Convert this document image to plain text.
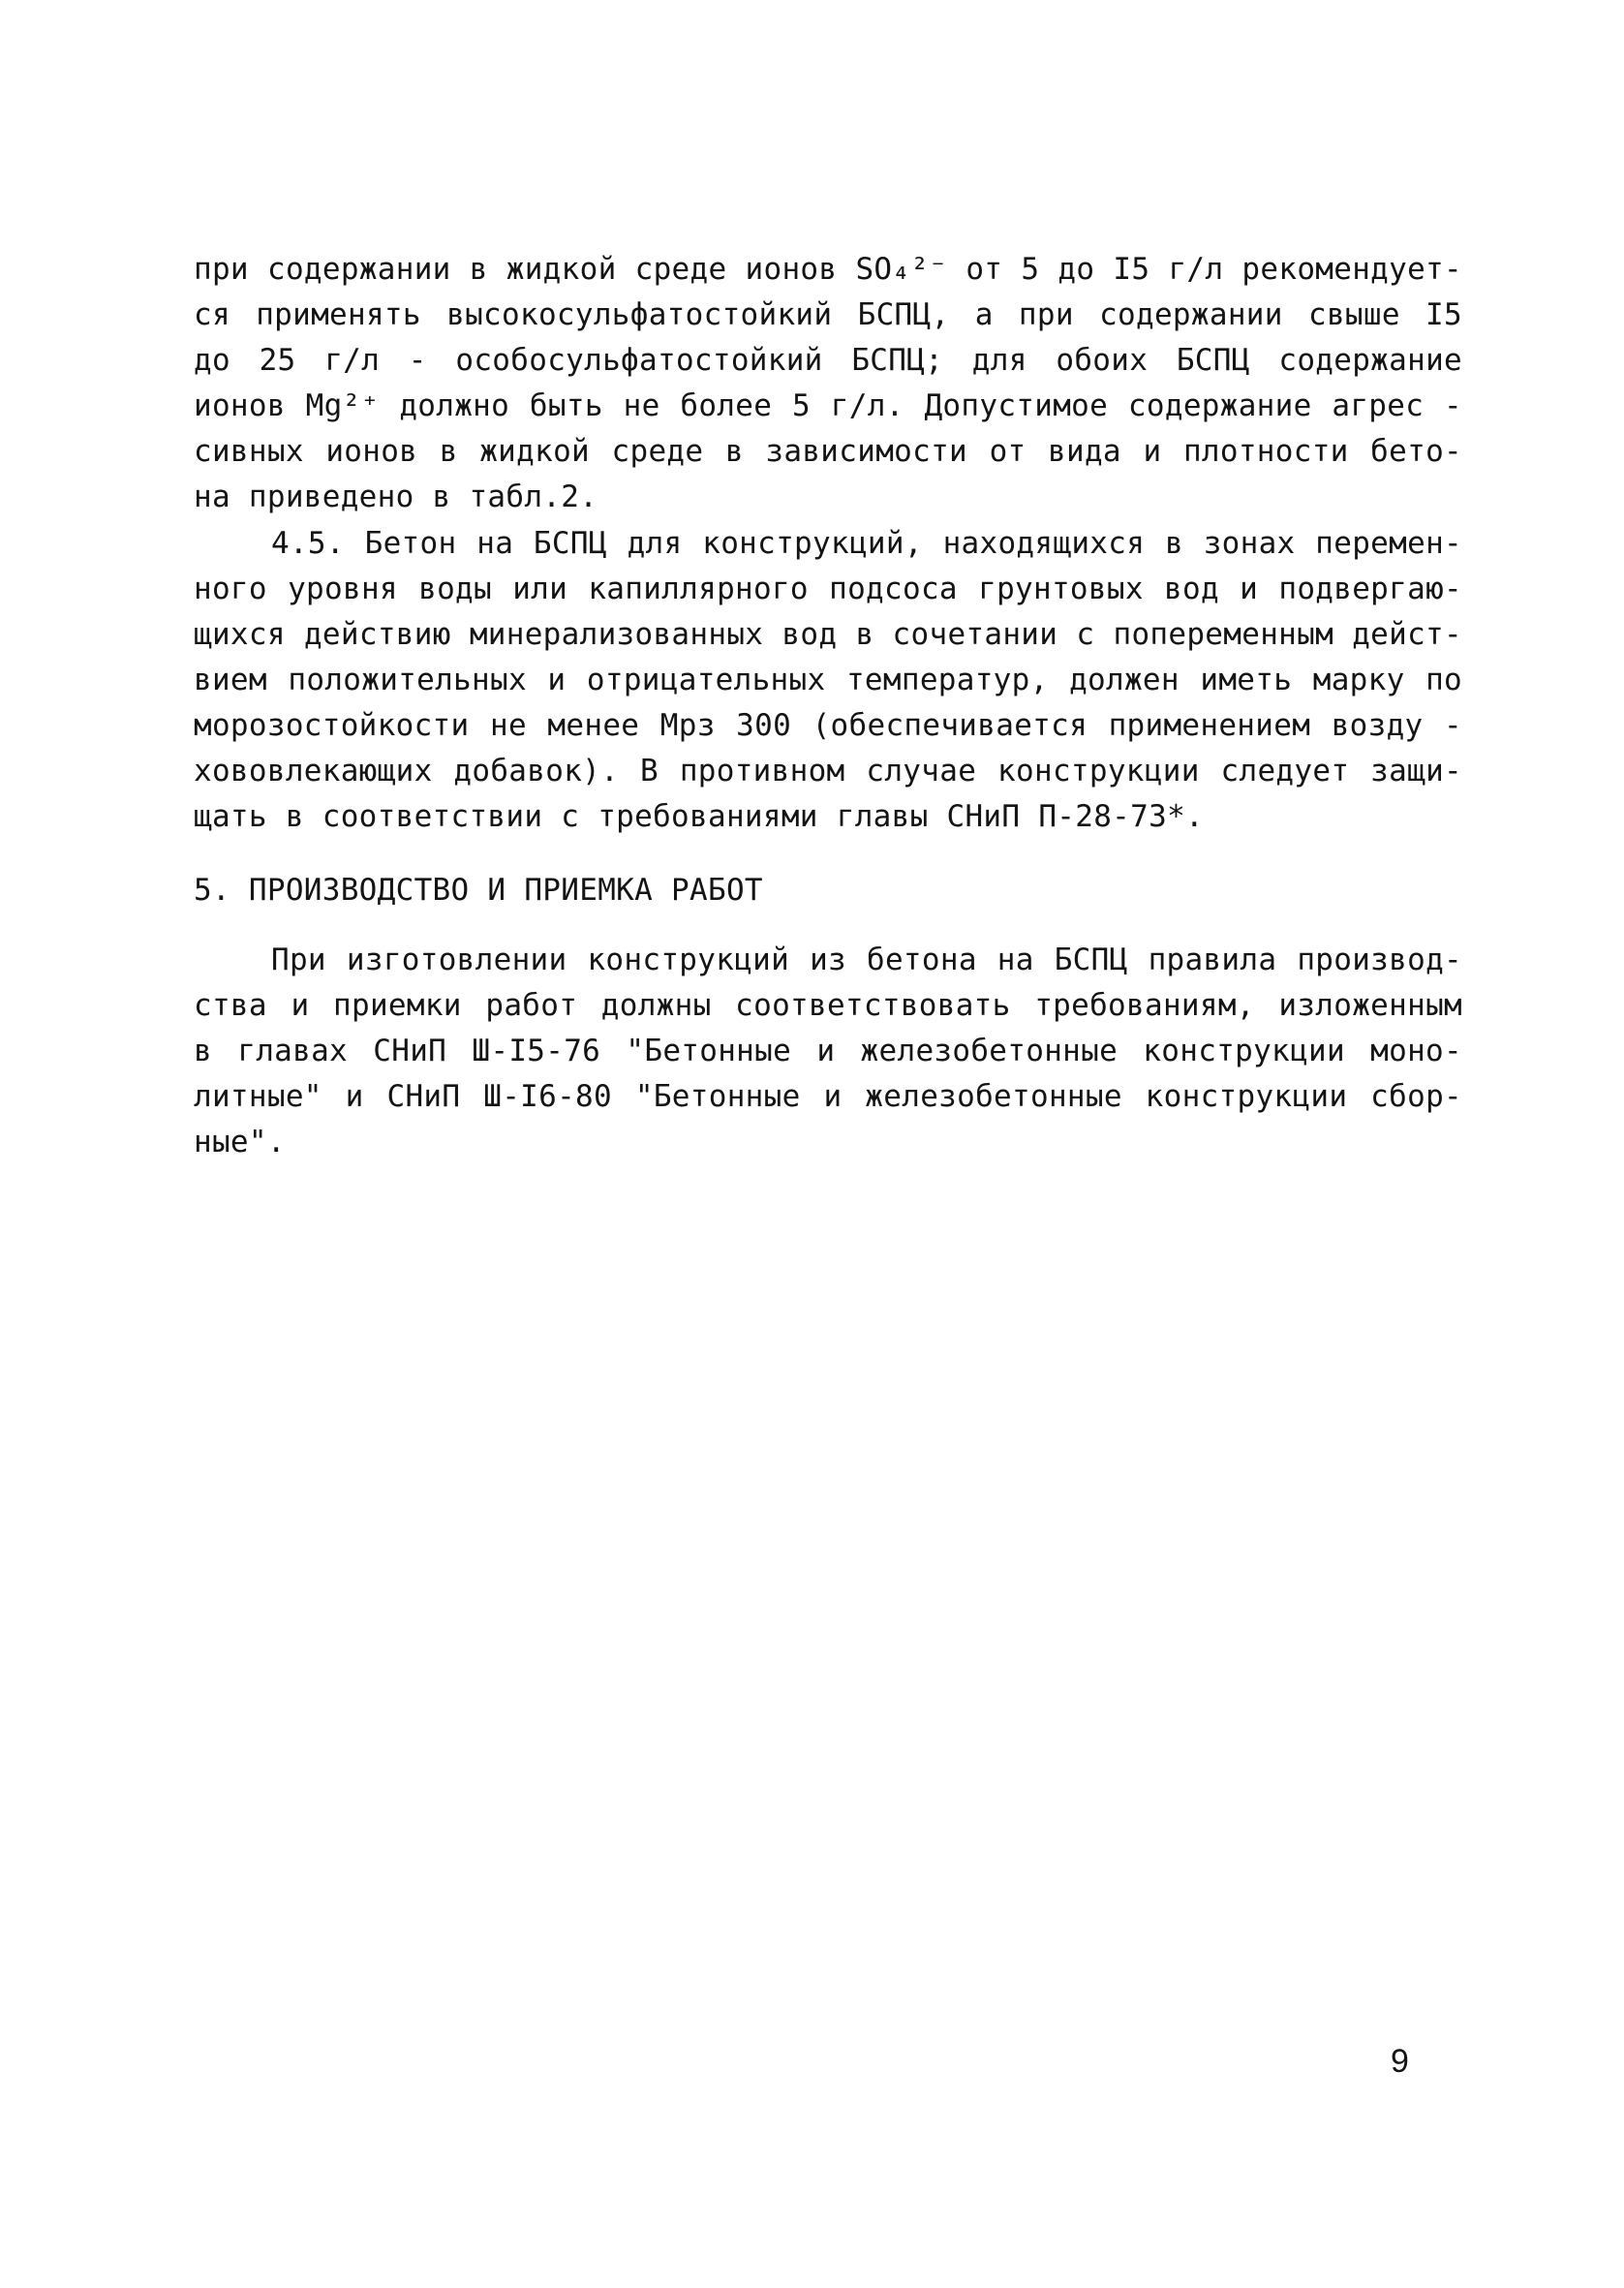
при содержании в жидкой среде ионов SO₄²⁻ от 5 до I5 г/л рекомендует-
ся применять высокосульфатостойкий БСПЦ, а при содержании свыше I5
до 25 г/л - особосульфатостойкий БСПЦ; для обоих БСПЦ содержание
ионов Mg²⁺ должно быть не более 5 г/л. Допустимое содержание агрес -
сивных ионов в жидкой среде в зависимости от вида и плотности бето-
на приведено в табл.2.
4.5. Бетон на БСПЦ для конструкций, находящихся в зонах перемен-
ного уровня воды или капиллярного подсоса грунтовых вод и подвергаю-
щихся действию минерализованных вод в сочетании с попеременным дейст-
вием положительных и отрицательных температур, должен иметь марку по
морозостойкости не менее Мрз 300 (обеспечивается применением возду -
хововлекающих добавок). В противном случае конструкции следует защи-
щать в соответствии с требованиями главы СНиП П-28-73*.
5. ПРОИЗВОДСТВО И ПРИЕМКА РАБОТ
При изготовлении конструкций из бетона на БСПЦ правила производ-
ства и приемки работ должны соответствовать требованиям, изложенным
в главах СНиП Ш-I5-76 "Бетонные и железобетонные конструкции моно-
литные" и СНиП Ш-I6-80 "Бетонные и железобетонные конструкции сбор-
ные".
9
